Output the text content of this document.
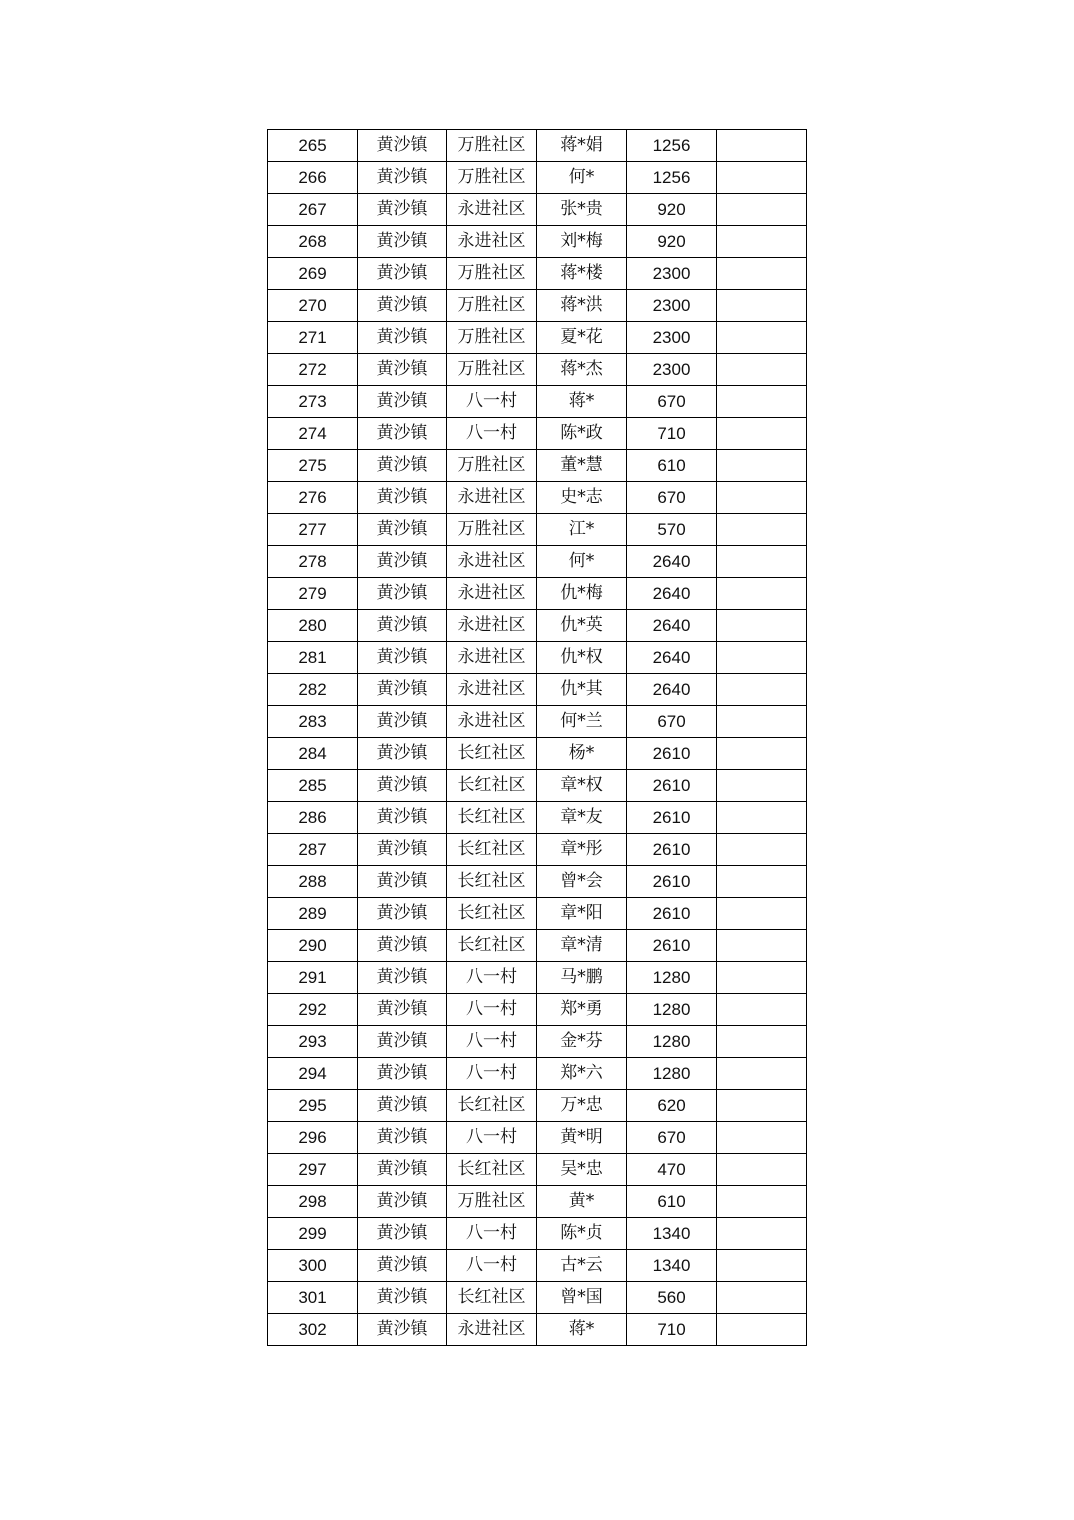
265	黄沙镇	万胜社区	蒋*娟	1256	
266	黄沙镇	万胜社区	何*	1256	
267	黄沙镇	永进社区	张*贵	920	
268	黄沙镇	永进社区	刘*梅	920	
269	黄沙镇	万胜社区	蒋*楼	2300	
270	黄沙镇	万胜社区	蒋*洪	2300	
271	黄沙镇	万胜社区	夏*花	2300	
272	黄沙镇	万胜社区	蒋*杰	2300	
273	黄沙镇	八一村	蒋*	670	
274	黄沙镇	八一村	陈*政	710	
275	黄沙镇	万胜社区	董*慧	610	
276	黄沙镇	永进社区	史*志	670	
277	黄沙镇	万胜社区	江*	570	
278	黄沙镇	永进社区	何*	2640	
279	黄沙镇	永进社区	仇*梅	2640	
280	黄沙镇	永进社区	仇*英	2640	
281	黄沙镇	永进社区	仇*权	2640	
282	黄沙镇	永进社区	仇*其	2640	
283	黄沙镇	永进社区	何*兰	670	
284	黄沙镇	长红社区	杨*	2610	
285	黄沙镇	长红社区	章*权	2610	
286	黄沙镇	长红社区	章*友	2610	
287	黄沙镇	长红社区	章*彤	2610	
288	黄沙镇	长红社区	曾*会	2610	
289	黄沙镇	长红社区	章*阳	2610	
290	黄沙镇	长红社区	章*清	2610	
291	黄沙镇	八一村	马*鹏	1280	
292	黄沙镇	八一村	郑*勇	1280	
293	黄沙镇	八一村	金*芬	1280	
294	黄沙镇	八一村	郑*六	1280	
295	黄沙镇	长红社区	万*忠	620	
296	黄沙镇	八一村	黄*明	670	
297	黄沙镇	长红社区	吴*忠	470	
298	黄沙镇	万胜社区	黄*	610	
299	黄沙镇	八一村	陈*贞	1340	
300	黄沙镇	八一村	古*云	1340	
301	黄沙镇	长红社区	曾*国	560	
302	黄沙镇	永进社区	蒋*	710	
